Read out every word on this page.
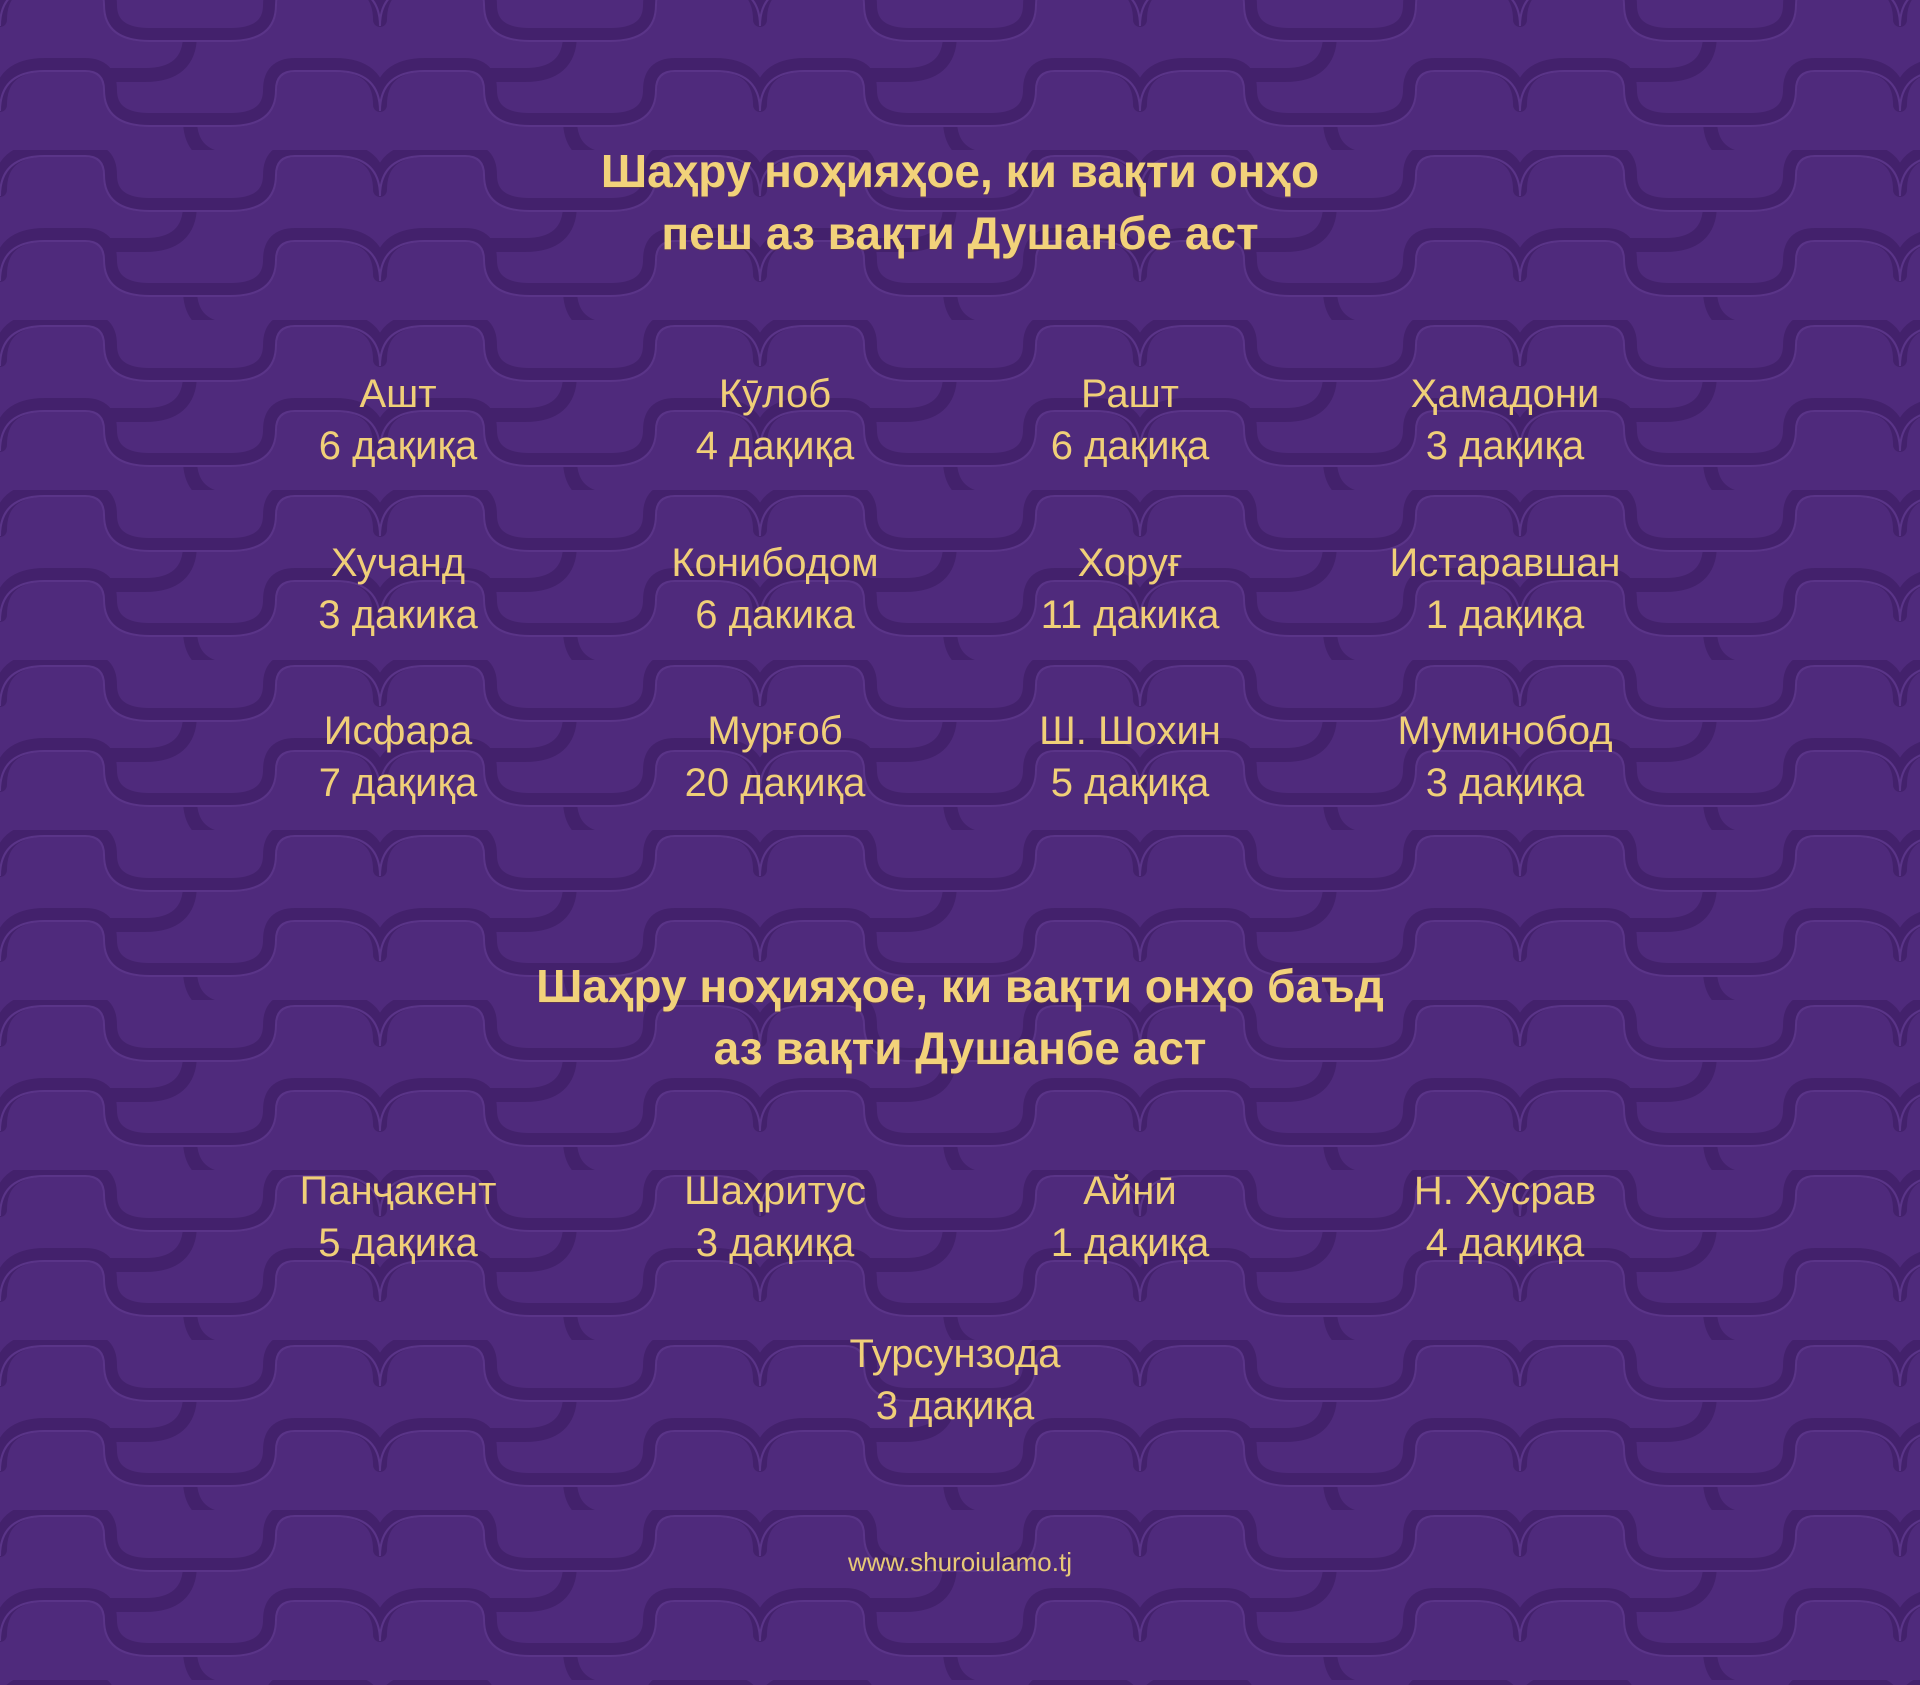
Шаҳру ноҳияҳое, ки вақти онҳо
пеш аз вақти Душанбе аст
Ашт
6 дақиқа
Кӯлоб
4 дақиқа
Рашт
6 дақиқа
Ҳамадони
3 дақиқа
Хучанд
3 дакика
Конибодом
6 дакика
Хоруғ
11 дакика
Истаравшан
1 дақиқа
Исфара
7 дақиқа
Мурғоб
20 дақиқа
Ш. Шохин
5 дақиқа
Муминобод
3 дақиқа
Шаҳру ноҳияҳое, ки вақти онҳо баъд
аз вақти Душанбе аст
Панҷакент
5 дақика
Шаҳритус
3 дақиқа
Айнӣ
1 дақиқа
Н. Хусрав
4 дақиқа
Турсунзода
3 дақиқа
www.shuroiulamo.tj
